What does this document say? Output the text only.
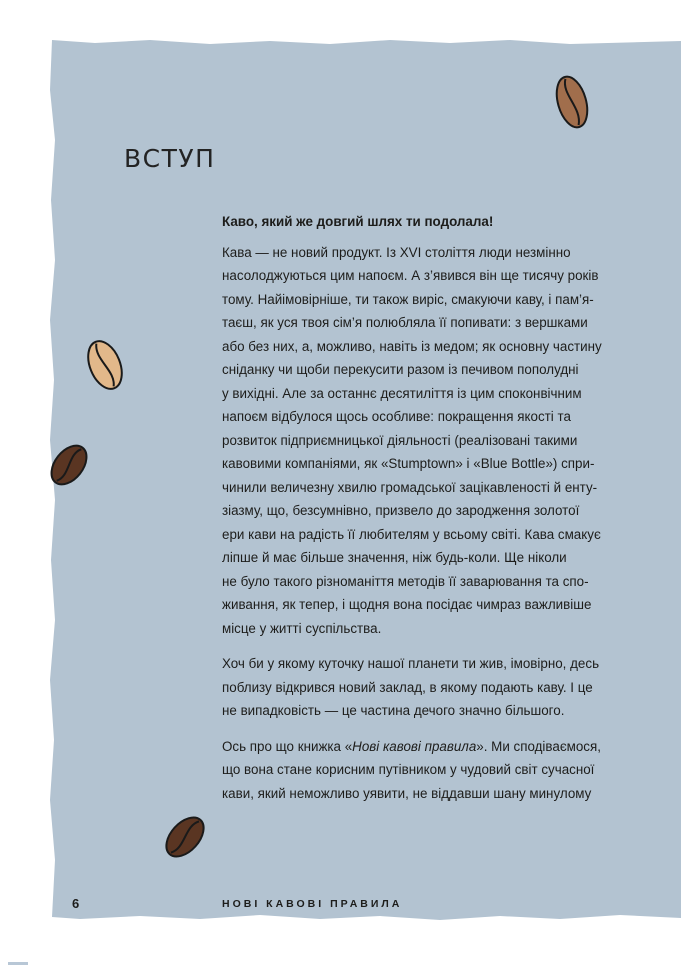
ВСТУП

Каво, який же довгий шлях ти подолала!

Кава — не новий продукт. Із XVI століття люди незмінно
насолоджуються цим напоєм. А з’явився він ще тисячу років
тому. Найімовірніше, ти також виріс, смакуючи каву, і пам’я-
таєш, як уся твоя сім’я полюбляла її попивати: з вершками
або без них, а, можливо, навіть із медом; як основну частину
сніданку чи щоби перекусити разом із печивом пополудні
у вихідні. Але за останнє десятиліття із цим споконвічним
напоєм відбулося щось особливе: покращення якості та
розвиток підприємницької діяльності (реалізовані такими
кавовими компаніями, як «Stumptown» і «Blue Bottle») спри-
чинили величезну хвилю громадської зацікавленості й енту-
зіазму, що, безсумнівно, призвело до зародження золотої
ери кави на радість її любителям у всьому світі. Кава смакує
ліпше й має більше значення, ніж будь-коли. Ще ніколи
не було такого різноманіття методів її заварювання та спо-
живання, як тепер, і щодня вона посідає чимраз важливіше
місце у житті суспільства.

Хоч би у якому куточку нашої планети ти жив, імовірно, десь
поблизу відкрився новий заклад, в якому подають каву. І це
не випадковість — це частина дечого значно більшого.

Ось про що книжка «Нові кавові правила». Ми сподіваємося,
що вона стане корисним путівником у чудовий світ сучасної
кави, який неможливо уявити, не віддавши шану минулому

6	НОВІ КАВОВІ ПРАВИЛА
